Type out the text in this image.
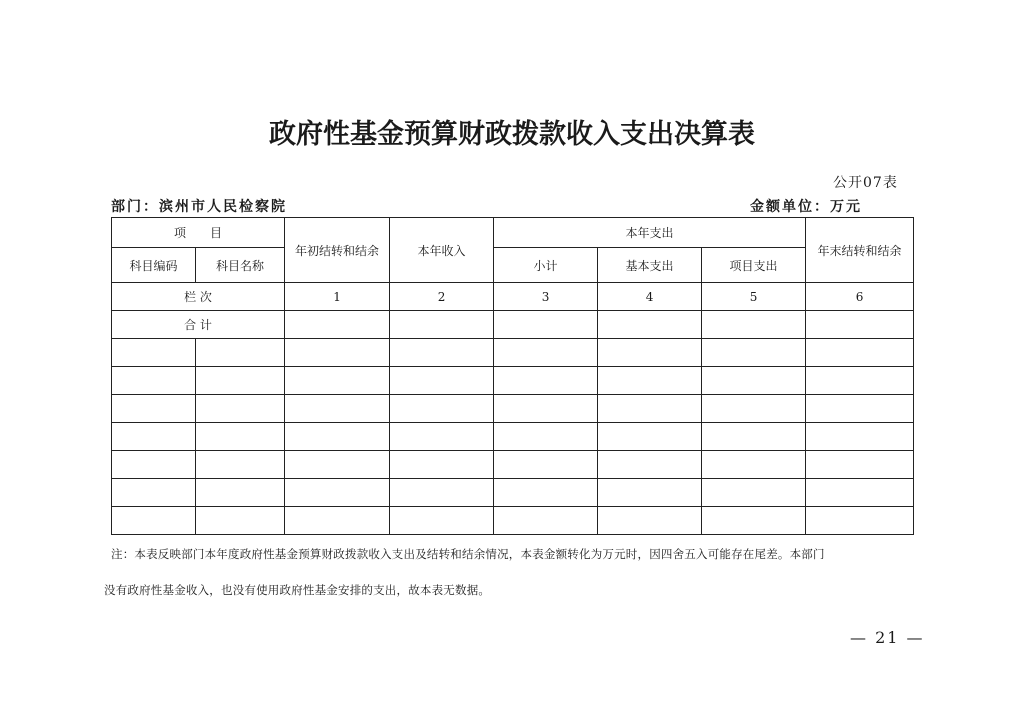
政府性基金预算财政拨款收入支出决算表
公开07表
部门：滨州市人民检察院	金额单位：万元
项　　目		年初结转和结余	本年收入	本年支出			年末结转和结余
科目编码	科目名称			小计	基本支出	项目支出	
栏 次		1	2	3	4	5	6
合 计							

注：本表反映部门本年度政府性基金预算财政拨款收入支出及结转和结余情况，本表金额转化为万元时，因四舍五入可能存在尾差。本部门
没有政府性基金收入，也没有使用政府性基金安排的支出，故本表无数据。
— 21 —
